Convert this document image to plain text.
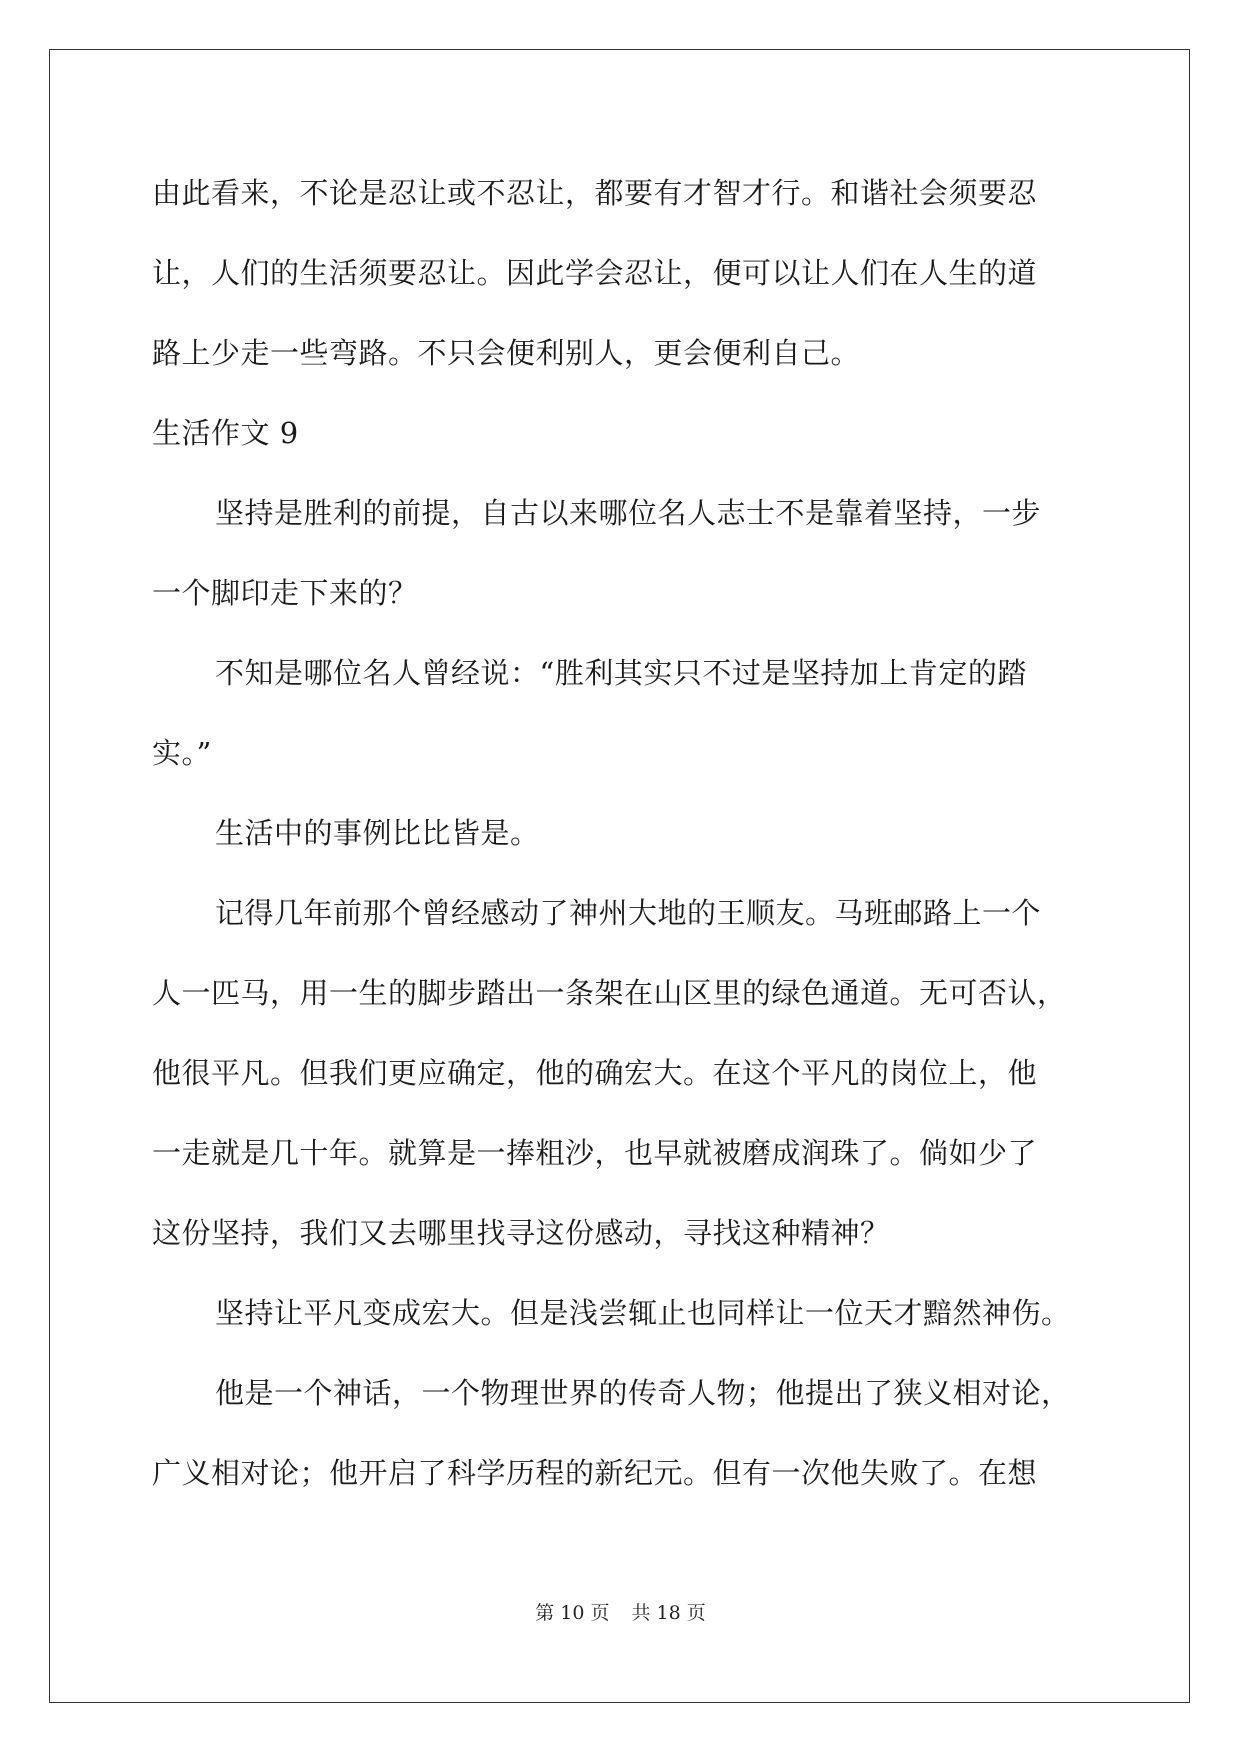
由此看来，不论是忍让或不忍让，都要有才智才行。和谐社会须要忍
让，人们的生活须要忍让。因此学会忍让，便可以让人们在人生的道
路上少走一些弯路。不只会便利别人，更会便利自己。
生活作文 9
坚持是胜利的前提，自古以来哪位名人志士不是靠着坚持，一步
一个脚印走下来的？
不知是哪位名人曾经说：“胜利其实只不过是坚持加上肯定的踏
实。”
生活中的事例比比皆是。
记得几年前那个曾经感动了神州大地的王顺友。马班邮路上一个
人一匹马，用一生的脚步踏出一条架在山区里的绿色通道。无可否认，
他很平凡。但我们更应确定，他的确宏大。在这个平凡的岗位上，他
一走就是几十年。就算是一捧粗沙，也早就被磨成润珠了。倘如少了
这份坚持，我们又去哪里找寻这份感动，寻找这种精神？
坚持让平凡变成宏大。但是浅尝辄止也同样让一位天才黯然神伤。
他是一个神话，一个物理世界的传奇人物；他提出了狭义相对论，
广义相对论；他开启了科学历程的新纪元。但有一次他失败了。在想
第 10 页 共 18 页
